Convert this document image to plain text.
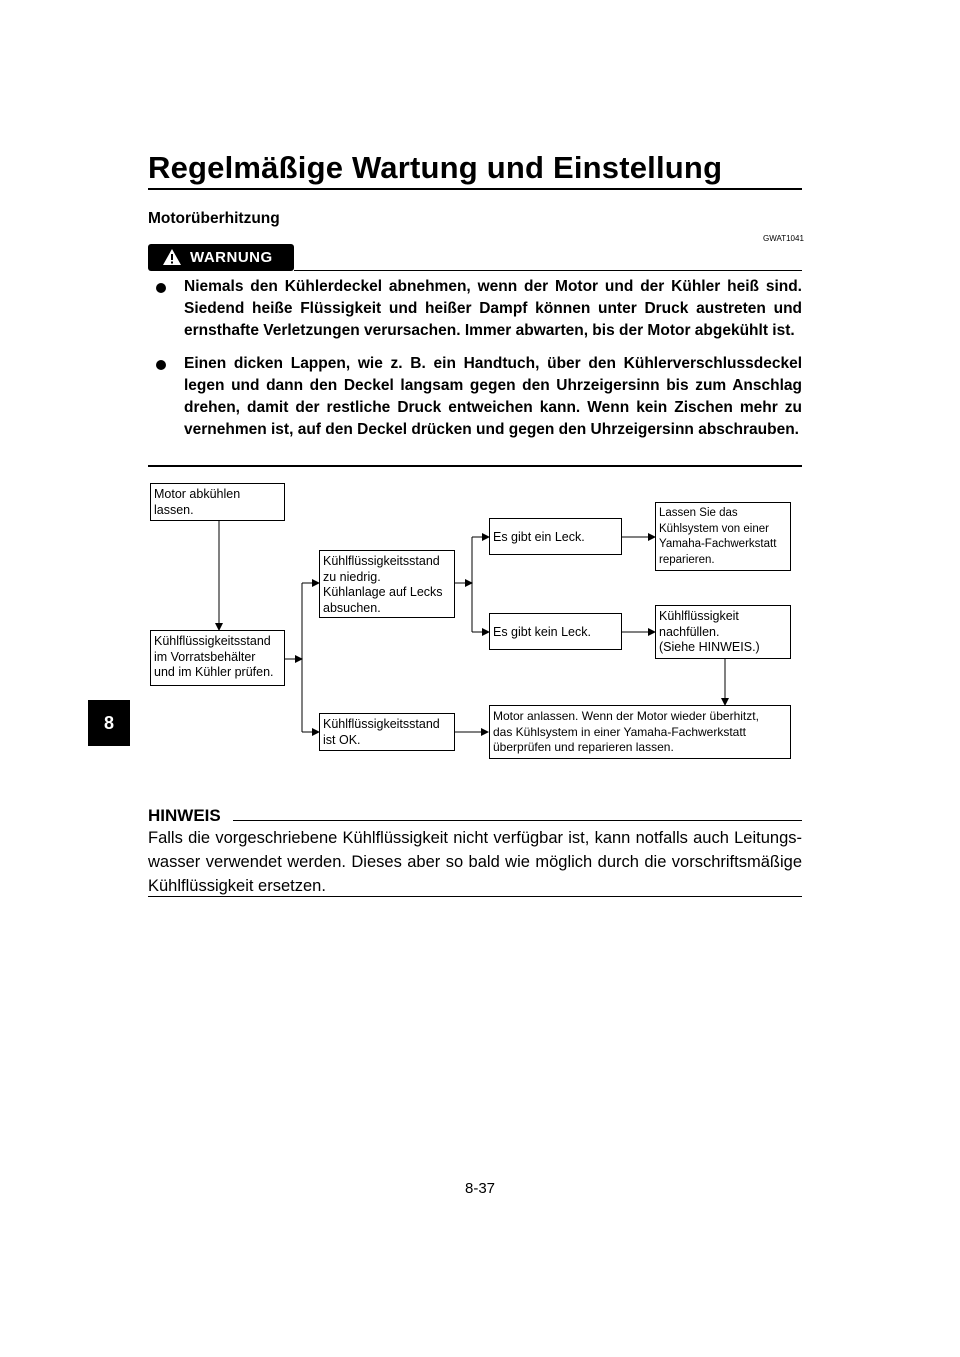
Regelmäßige Wartung und Einstellung
Motorüberhitzung
GWAT1041
WARNUNG
Niemals den Kühlerdeckel abnehmen, wenn der Motor und der Kühler heiß sind. Siedend heiße Flüssigkeit und heißer Dampf können unter Druck austreten und ernsthafte Verletzungen verursachen. Immer abwarten, bis der Motor abgekühlt ist.
Einen dicken Lappen, wie z. B. ein Handtuch, über den Kühlerverschlussdeckel legen und dann den Deckel langsam gegen den Uhrzeigersinn bis zum Anschlag drehen, damit der restliche Druck entweichen kann. Wenn kein Zischen mehr zu vernehmen ist, auf den Deckel drücken und gegen den Uhrzeigersinn abschrauben.
Motor abkühlen
lassen.
Kühlflüssigkeitsstand
im Vorratsbehälter
und im Kühler prüfen.
Kühlflüssigkeitsstand
zu niedrig.
Kühlanlage auf Lecks
absuchen.
Kühlflüssigkeitsstand
ist OK.
Es gibt ein Leck.
Es gibt kein Leck.
Lassen Sie das
Kühlsystem von einer
Yamaha-Fachwerkstatt
reparieren.
Kühlflüssigkeit
nachfüllen.
(Siehe HINWEIS.)
Motor anlassen. Wenn der Motor wieder überhitzt,
das Kühlsystem in einer Yamaha-Fachwerkstatt
überprüfen und reparieren lassen.
HINWEIS
Falls die vorgeschriebene Kühlflüssigkeit nicht verfügbar ist, kann notfalls auch Leitungswasser verwendet werden. Dieses aber so bald wie möglich durch die vorschriftsmäßige Kühlflüssigkeit ersetzen.
8
8-37
